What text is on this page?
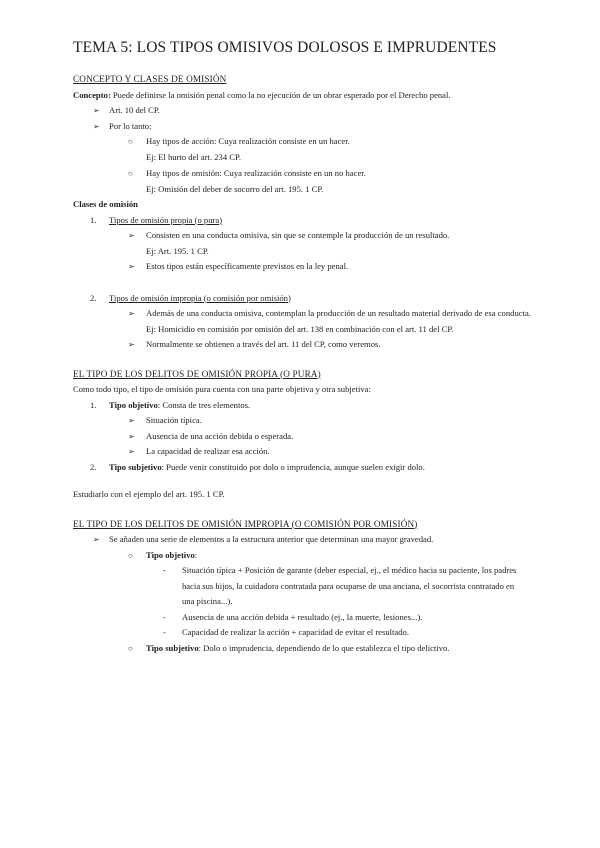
TEMA 5: LOS TIPOS OMISIVOS DOLOSOS E IMPRUDENTES
CONCEPTO Y CLASES DE OMISIÓN
Concepto: Puede definirse la omisión penal como la no ejecución de un obrar esperado por el Derecho penal.
➢ Art. 10 del CP.
➢ Por lo tanto:
○ Hay tipos de acción: Cuya realización consiste en un hacer.
Ej: El hurto del art. 234 CP.
○ Hay tipos de omisión: Cuya realización consiste en un no hacer.
Ej: Omisión del deber de socorro del art. 195. 1 CP.
Clases de omisión
1. Tipos de omisión propia (o pura)
➢ Consisten en una conducta omisiva, sin que se contemple la producción de un resultado.
Ej: Art. 195. 1 CP.
➢ Estos tipos están específicamente previstos en la ley penal.
2. Tipos de omisión impropia (o comisión por omisión)
➢ Además de una conducta omisiva, contemplan la producción de un resultado material derivado de esa conducta.
Ej: Homicidio en comisión por omisión del art. 138 en combinación con el art. 11 del CP.
➢ Normalmente se obtienen a través del art. 11 del CP, como veremos.
EL TIPO DE LOS DELITOS DE OMISIÓN PROPIA (O PURA)
Como todo tipo, el tipo de omisión pura cuenta con una parte objetiva y otra subjetiva:
1. Tipo objetivo: Consta de tres elementos.
➢ Situación típica.
➢ Ausencia de una acción debida o esperada.
➢ La capacidad de realizar esa acción.
2. Tipo subjetivo: Puede venir constituido por dolo o imprudencia, aunque suelen exigir dolo.
Estudiarlo con el ejemplo del art. 195. 1 CP.
EL TIPO DE LOS DELITOS DE OMISIÓN IMPROPIA (O COMISIÓN POR OMISIÓN)
➢ Se añaden una serie de elementos a la estructura anterior que determinan una mayor gravedad.
○ Tipo objetivo:
- Situación típica + Posición de garante (deber especial, ej., el médico hacia su paciente, los padres hacia sus hijos, la cuidadora contratada para ocuparse de una anciana, el socorrista contratado en una piscina...).
- Ausencia de una acción debida + resultado (ej., la muerte, lesiones...).
- Capacidad de realizar la acción + capacidad de evitar el resultado.
○ Tipo subjetivo: Dolo o imprudencia, dependiendo de lo que establezca el tipo delictivo.
